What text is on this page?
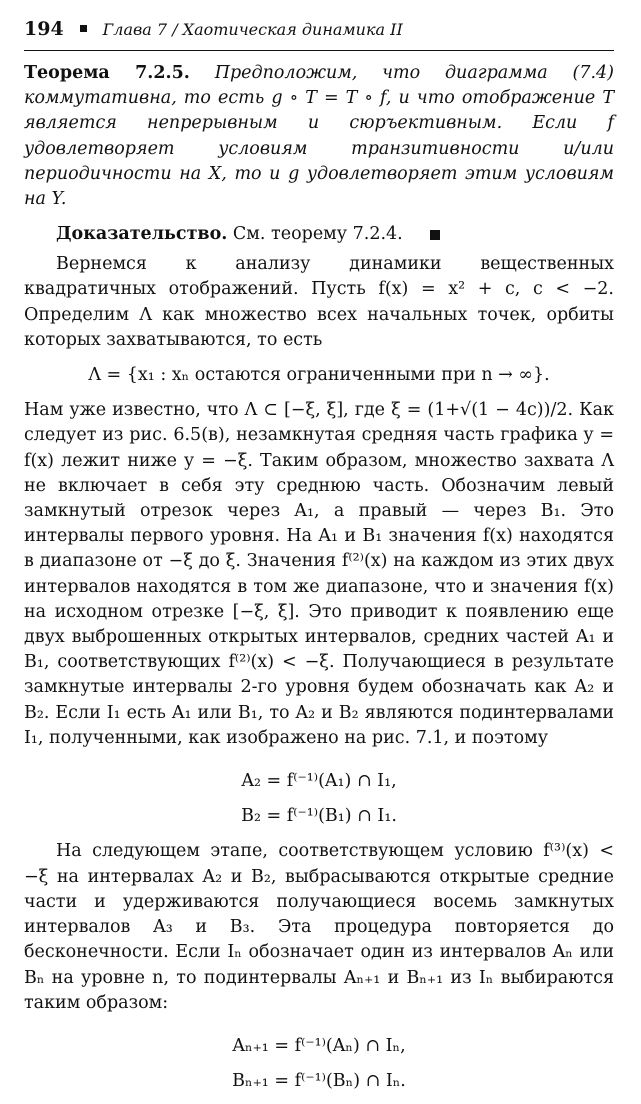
194 Глава 7 / Хаотическая динамика II

Теорема 7.2.5. Предположим, что диаграмма (7.4) коммутативна, то есть g ∘ T = T ∘ f, и что отображение T является непрерывным и сюръективным. Если f удовлетворяет условиям транзитивности и/или периодичности на X, то и g удовлетворяет этим условиям на Y.

Доказательство. См. теорему 7.2.4.

Вернемся к анализу динамики вещественных квадратичных отображений. Пусть f(x) = x² + c, c < −2. Определим Λ как множество всех начальных точек, орбиты которых захватываются, то есть

Λ = {x₁ : xₙ остаются ограниченными при n → ∞}.

Нам уже известно, что Λ ⊂ [−ξ, ξ], где ξ = (1+√(1 − 4c))/2. Как следует из рис. 6.5(в), незамкнутая средняя часть графика y = f(x) лежит ниже y = −ξ. Таким образом, множество захвата Λ не включает в себя эту среднюю часть. Обозначим левый замкнутый отрезок через A₁, а правый — через B₁. Это интервалы первого уровня. На A₁ и B₁ значения f(x) находятся в диапазоне от −ξ до ξ. Значения f⁽²⁾(x) на каждом из этих двух интервалов находятся в том же диапазоне, что и значения f(x) на исходном отрезке [−ξ, ξ]. Это приводит к появлению еще двух выброшенных открытых интервалов, средних частей A₁ и B₁, соответствующих f⁽²⁾(x) < −ξ. Получающиеся в результате замкнутые интервалы 2-го уровня будем обозначать как A₂ и B₂. Если I₁ есть A₁ или B₁, то A₂ и B₂ являются подинтервалами I₁, полученными, как изображено на рис. 7.1, и поэтому

A₂ = f⁽⁻¹⁾(A₁) ∩ I₁,
B₂ = f⁽⁻¹⁾(B₁) ∩ I₁.

На следующем этапе, соответствующем условию f⁽³⁾(x) < −ξ на интервалах A₂ и B₂, выбрасываются открытые средние части и удерживаются получающиеся восемь замкнутых интервалов A₃ и B₃. Эта процедура повторяется до бесконечности. Если Iₙ обозначает один из интервалов Aₙ или Bₙ на уровне n, то подинтервалы Aₙ₊₁ и Bₙ₊₁ из Iₙ выбираются таким образом:

Aₙ₊₁ = f⁽⁻¹⁾(Aₙ) ∩ Iₙ,
Bₙ₊₁ = f⁽⁻¹⁾(Bₙ) ∩ Iₙ.
